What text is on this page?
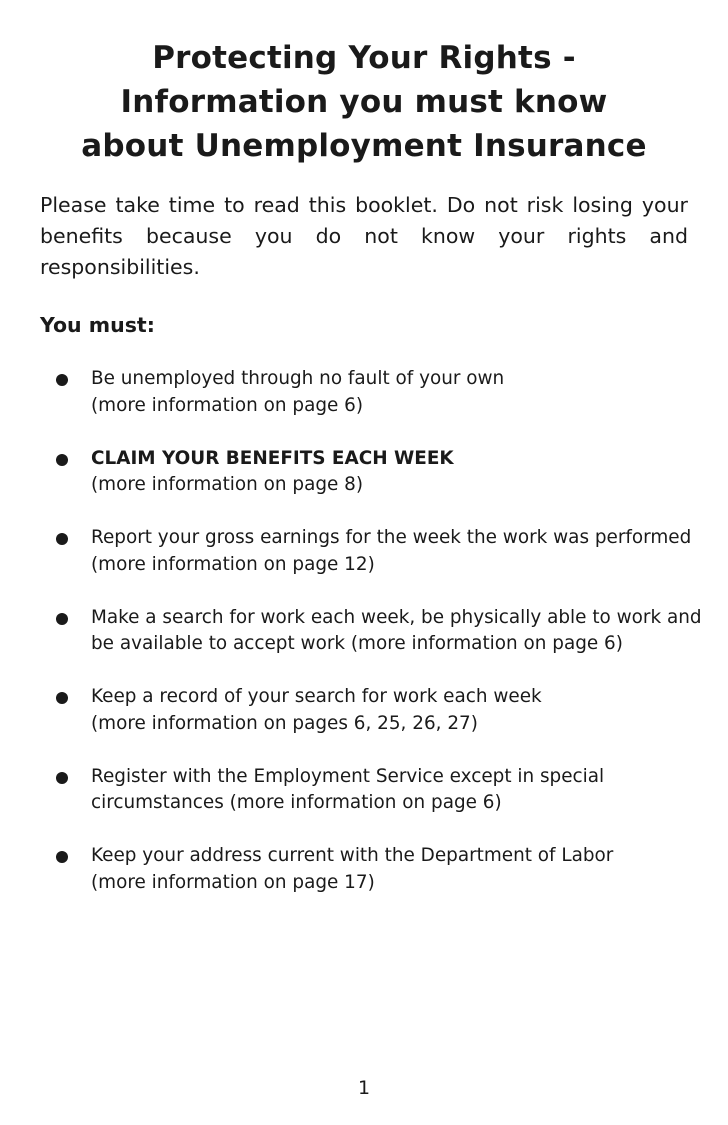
Protecting Your Rights -
Information you must know
about Unemployment Insurance

Please take time to read this booklet. Do not risk losing your benefits because you do not know your rights and responsibilities.

You must:
Be unemployed through no fault of your own
(more information on page 6)
CLAIM YOUR BENEFITS EACH WEEK
(more information on page 8)
Report your gross earnings for the week the work was performed
(more information on page 12)
Make a search for work each week, be physically able to work and
be available to accept work (more information on page 6)
Keep a record of your search for work each week
(more information on pages 6, 25, 26, 27)
Register with the Employment Service except in special
circumstances (more information on page 6)
Keep your address current with the Department of Labor
(more information on page 17)
1
